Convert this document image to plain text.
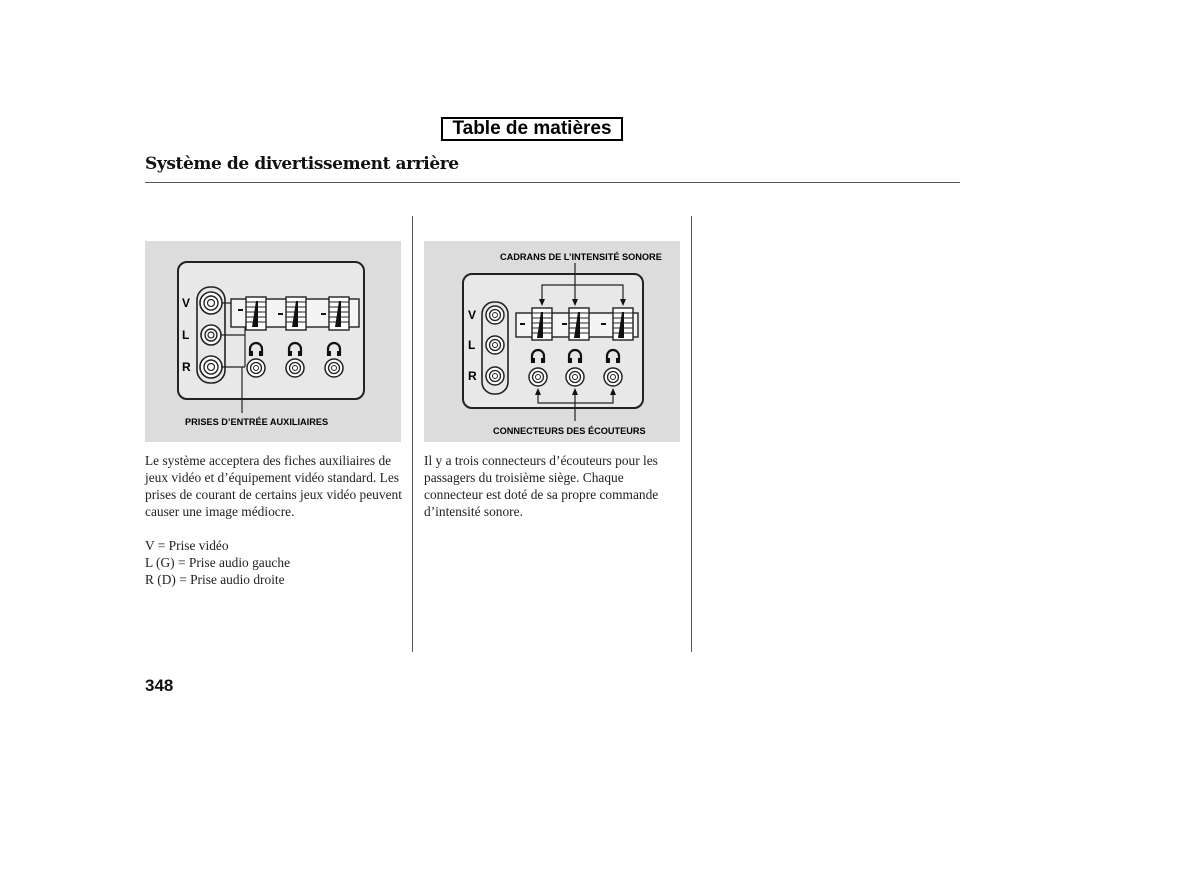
Table de matières
Système de divertissement arrière
V
L
R
PRISES D’ENTRÉE AUXILIAIRES
CADRANS DE L’INTENSITÉ SONORE
V
L
R
CONNECTEURS DES ÉCOUTEURS

Le système acceptera des fiches auxiliaires de jeux vidéo et d’équipement vidéo standard. Les prises de courant de certains jeux vidéo peuvent causer une image médiocre.

V = Prise vidéo

L (G) = Prise audio gauche

R (D) = Prise audio droite

Il y a trois connecteurs d’écouteurs pour les passagers du troisième siège. Chaque connecteur est doté de sa propre commande d’intensité sonore.

348
